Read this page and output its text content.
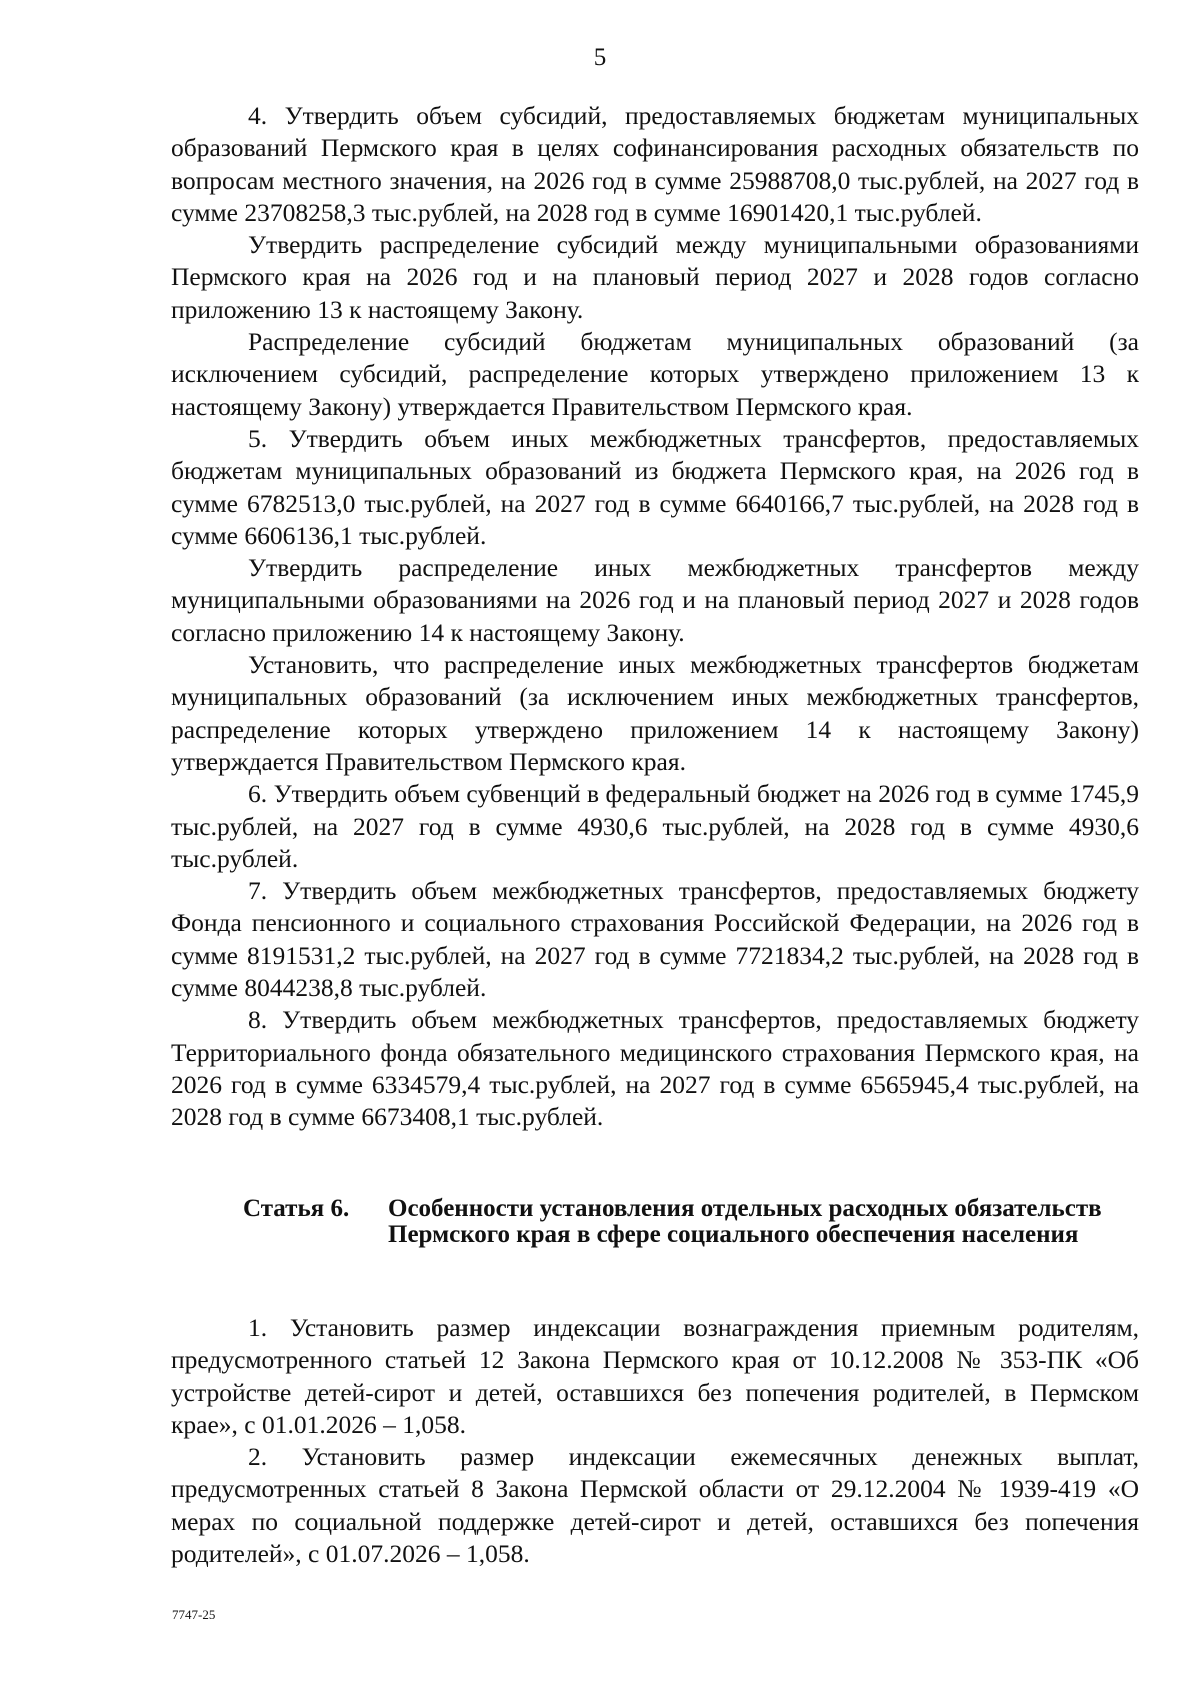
5

4. Утвердить объем субсидий, предоставляемых бюджетам муниципальных образований Пермского края в целях софинансирования расходных обязательств по вопросам местного значения, на 2026 год в сумме 25988708,0 тыс.рублей, на 2027 год в сумме 23708258,3 тыс.рублей, на 2028 год в сумме 16901420,1 тыс.рублей.

Утвердить распределение субсидий между муниципальными образованиями Пермского края на 2026 год и на плановый период 2027 и 2028 годов согласно приложению 13 к настоящему Закону.

Распределение субсидий бюджетам муниципальных образований (за исключением субсидий, распределение которых утверждено приложением 13 к настоящему Закону) утверждается Правительством Пермского края.

5. Утвердить объем иных межбюджетных трансфертов, предоставляемых бюджетам муниципальных образований из бюджета Пермского края, на 2026 год в сумме 6782513,0 тыс.рублей, на 2027 год в сумме 6640166,7 тыс.рублей, на 2028 год в сумме 6606136,1 тыс.рублей.

Утвердить распределение иных межбюджетных трансфертов между муниципальными образованиями на 2026 год и на плановый период 2027 и 2028 годов согласно приложению 14 к настоящему Закону.

Установить, что распределение иных межбюджетных трансфертов бюджетам муниципальных образований (за исключением иных межбюджетных трансфертов, распределение которых утверждено приложением 14 к настоящему Закону) утверждается Правительством Пермского края.

6. Утвердить объем субвенций в федеральный бюджет на 2026 год в сумме 1745,9 тыс.рублей, на 2027 год в сумме 4930,6 тыс.рублей, на 2028 год в сумме 4930,6 тыс.рублей.

7. Утвердить объем межбюджетных трансфертов, предоставляемых бюджету Фонда пенсионного и социального страхования Российской Федерации, на 2026 год в сумме 8191531,2 тыс.рублей, на 2027 год в сумме 7721834,2 тыс.рублей, на 2028 год в сумме 8044238,8 тыс.рублей.

8. Утвердить объем межбюджетных трансфертов, предоставляемых бюджету Территориального фонда обязательного медицинского страхования Пермского края, на 2026 год в сумме 6334579,4 тыс.рублей, на 2027 год в сумме 6565945,4 тыс.рублей, на 2028 год в сумме 6673408,1 тыс.рублей.

Статья 6.	Особенности установления отдельных расходных обязательств Пермского края в сфере социального обеспечения населения

1. Установить размер индексации вознаграждения приемным родителям, предусмотренного статьей 12 Закона Пермского края от 10.12.2008 № 353-ПК «Об устройстве детей-сирот и детей, оставшихся без попечения родителей, в Пермском крае», с 01.01.2026 – 1,058.

2. Установить размер индексации ежемесячных денежных выплат, предусмотренных статьей 8 Закона Пермской области от 29.12.2004 № 1939-419 «О мерах по социальной поддержке детей-сирот и детей, оставшихся без попечения родителей», с 01.07.2026 – 1,058.

7747-25
